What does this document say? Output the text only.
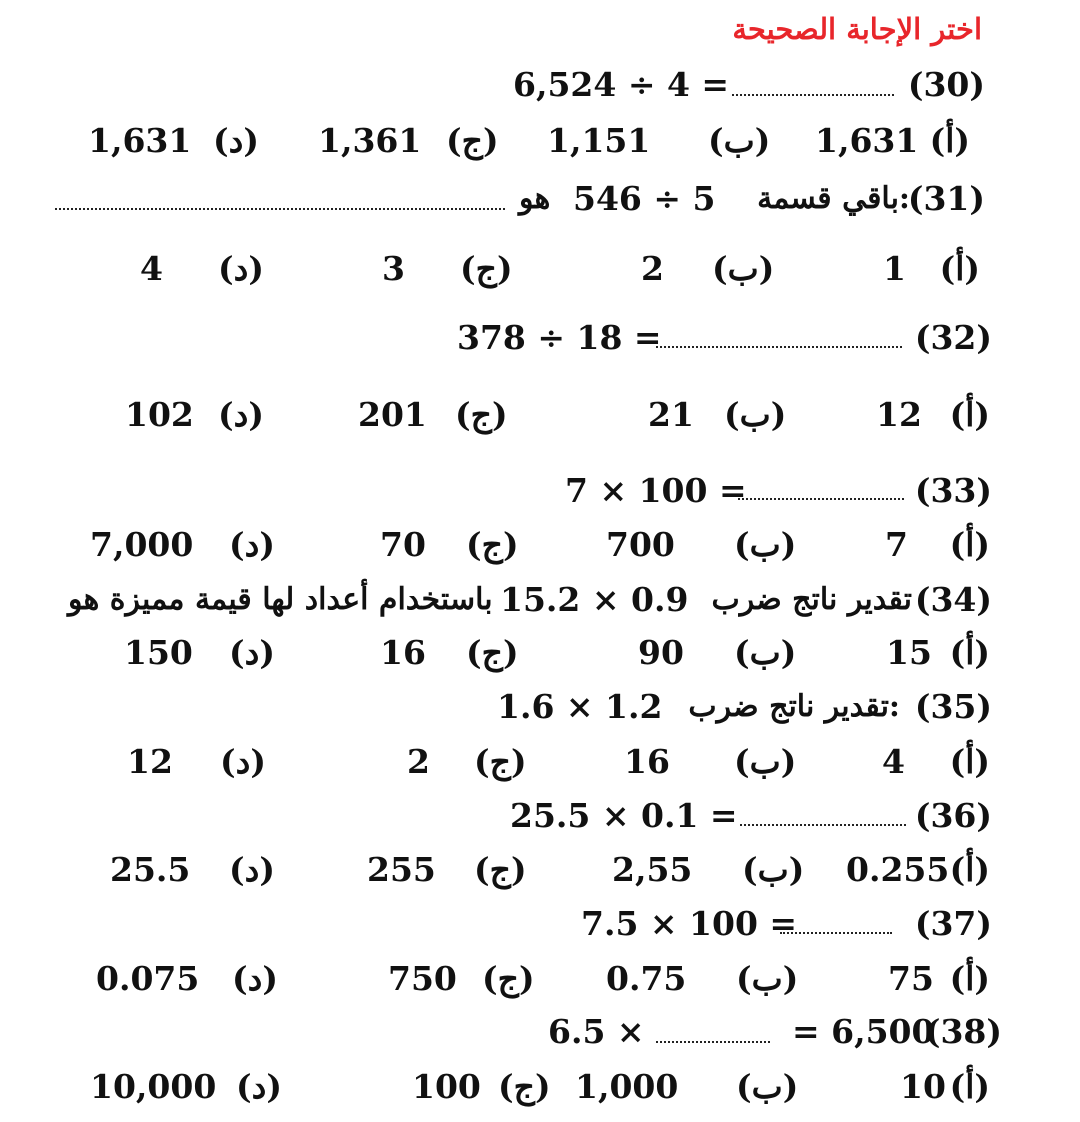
اختر الإجابة الصحيحة
(30)
6,524 ÷ 4 =
(أ)
1,631
(ب)
1,151
(ج)
1,361
(د)
1,631
(31)
باقي قسمة:
546 ÷ 5
هو
(أ)
1
(ب)
2
(ج)
3
(د)
4
(32)
378 ÷ 18 =
(أ)
12
(ب)
21
(ج)
201
(د)
102
(33)
7 × 100 =
(أ)
7
(ب)
700
(ج)
70
(د)
7,000
(34)
تقدير ناتج ضرب
15.2 × 0.9
باستخدام أعداد لها قيمة مميزة هو
(أ)
15
(ب)
90
(ج)
16
(د)
150
(35)
تقدير ناتج ضرب:
1.6 × 1.2
(أ)
4
(ب)
16
(ج)
2
(د)
12
(36)
25.5 × 0.1 =
(أ)
0.255
(ب)
2,55
(ج)
255
(د)
25.5
(37)
7.5 × 100 =
(أ)
75
(ب)
0.75
(ج)
750
(د)
0.075
(38)
= 6,500
6.5 ×
(أ)
10
(ب)
1,000
(ج)
100
(د)
10,000
